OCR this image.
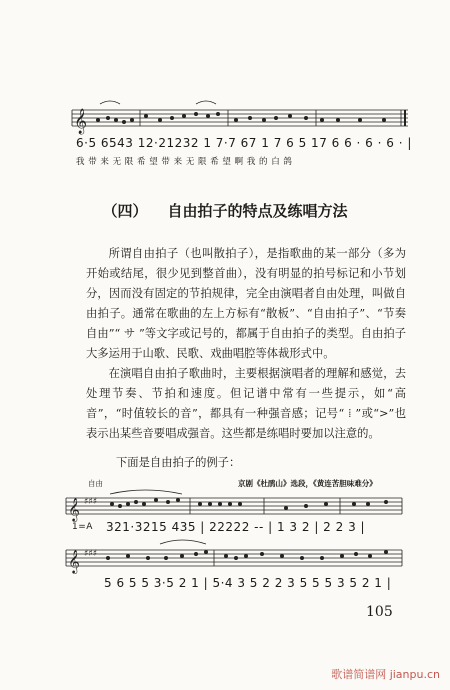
𝄞
6·5 6543 12·21232 1 7·7 67 1 7 6 5 17 6 6 · 6 · 6 · |
我 带 来 无 限 希 望 带 来 无 限 希 望 啊 我 的 白 鸽
（四） 自由拍子的特点及练唱方法

所谓自由拍子（也叫散拍子），是指歌曲的某一部分（多为开始或结尾，很少见到整首曲），没有明显的拍号标记和小节划分，因而没有固定的节拍规律，完全由演唱者自由处理，叫做自由拍子。通常在歌曲的左上方标有“散板”、“自由拍子”、“节奏自由”“ サ ”等文字或记号的，都属于自由拍子的类型。自由拍子大多运用于山歌、民歌、戏曲唱腔等体裁形式中。

在演唱自由拍子歌曲时，主要根据演唱者的理解和感觉，去处理节奏、节拍和速度。但记谱中常有一些提示，如“高音”，“时值较长的音”，都具有一种强音感；记号“ ⁞ ”或“>”也表示出某些音要唱成强音。这些都是练唱时要加以注意的。

下面是自由拍子的例子：
自由	京剧《杜鹃山》选段，《黄连苦胆味难分》
𝄞 ♯♯♯
1=A 321·3215 435 | 22222 -- | 1 3 2 | 2 2 3 |
𝄞 ♯♯♯
5 6 5 5 3·5 2 1 | 5·4 3 5 2 2 3 5 5 5 3 5 2 1 |
105
歌谱简谱网 jianpu.cn
